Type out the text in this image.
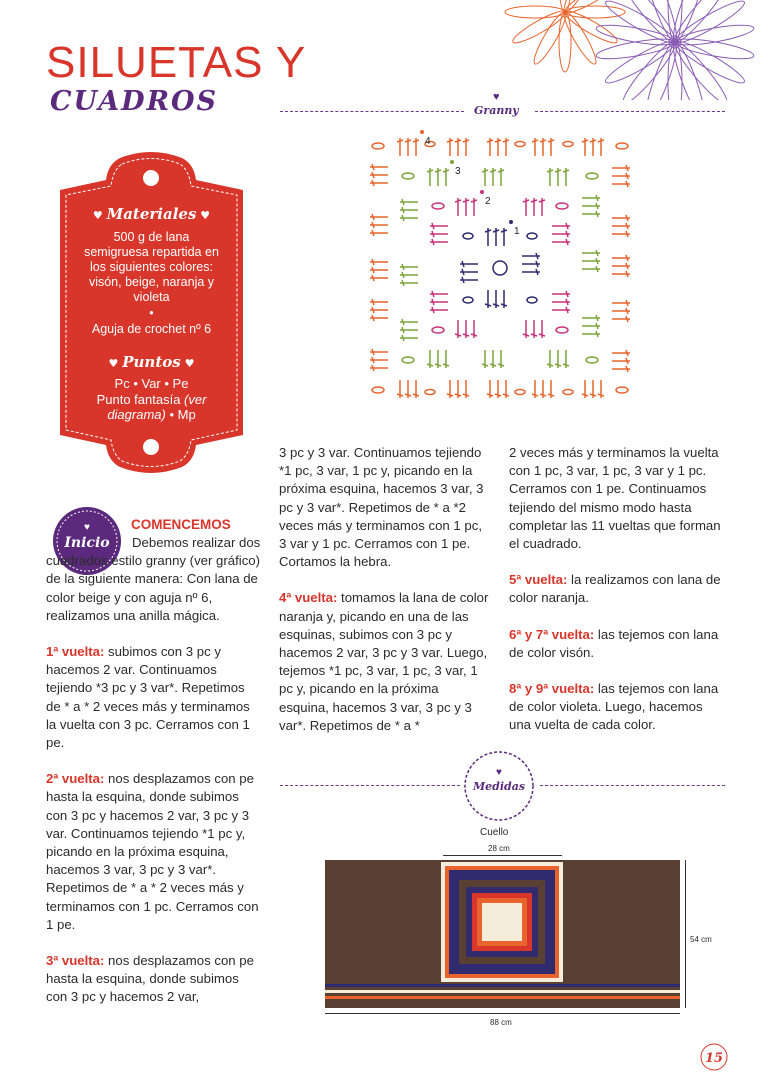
SILUETAS Y
CUADROS	♥
Granny
4
3
2
1
♥ Materiales ♥
500 g de lana semigruesa repartida en los siguientes colores: visón, beige, naranja y violeta
•
Aguja de crochet nº 6
♥ Puntos ♥
Pc • Var • Pe
Punto fantasía (ver diagrama) • Mp
♥
Inicio
COMENCEMOS

Debemos realizar dos cuadrados estilo granny (ver gráfico) de la siguiente manera: Con lana de color beige y con aguja nº 6, realizamos una anilla mágica.

1ª vuelta: subimos con 3 pc y hacemos 2 var. Continuamos tejiendo *3 pc y 3 var*. Repetimos de * a * 2 veces más y terminamos la vuelta con 3 pc. Cerramos con 1 pe.

2ª vuelta: nos desplazamos con pe hasta la esquina, donde subimos con 3 pc y hacemos 2 var, 3 pc y 3 var. Continuamos tejiendo *1 pc y, picando en la próxima esquina, hacemos 3 var, 3 pc y 3 var*. Repetimos de * a * 2 veces más y terminamos con 1 pc. Cerramos con 1 pe.

3ª vuelta: nos desplazamos con pe hasta la esquina, donde subimos con 3 pc y hacemos 2 var,

3 pc y 3 var. Continuamos tejiendo *1 pc, 3 var, 1 pc y, picando en la próxima esquina, hacemos 3 var, 3 pc y 3 var*. Repetimos de * a *2 veces más y terminamos con 1 pc, 3 var y 1 pc. Cerramos con 1 pe. Cortamos la hebra.

4ª vuelta: tomamos la lana de color naranja y, picando en una de las esquinas, subimos con 3 pc y hacemos 2 var, 3 pc y 3 var. Luego, tejemos *1 pc, 3 var, 1 pc, 3 var, 1 pc y, picando en la próxima esquina, hacemos 3 var, 3 pc y 3 var*. Repetimos de * a *

2 veces más y terminamos la vuelta con 1 pc, 3 var, 1 pc, 3 var y 1 pc. Cerramos con 1 pe. Continuamos tejiendo del mismo modo hasta completar las 11 vueltas que forman el cuadrado.

5ª vuelta: la realizamos con lana de color naranja.

6ª y 7ª vuelta: las tejemos con lana de color visón.

8ª y 9ª vuelta: las tejemos con lana de color violeta. Luego, hacemos una vuelta de cada color.

♥
Medidas
Cuello
28 cm
54 cm
88 cm
15
